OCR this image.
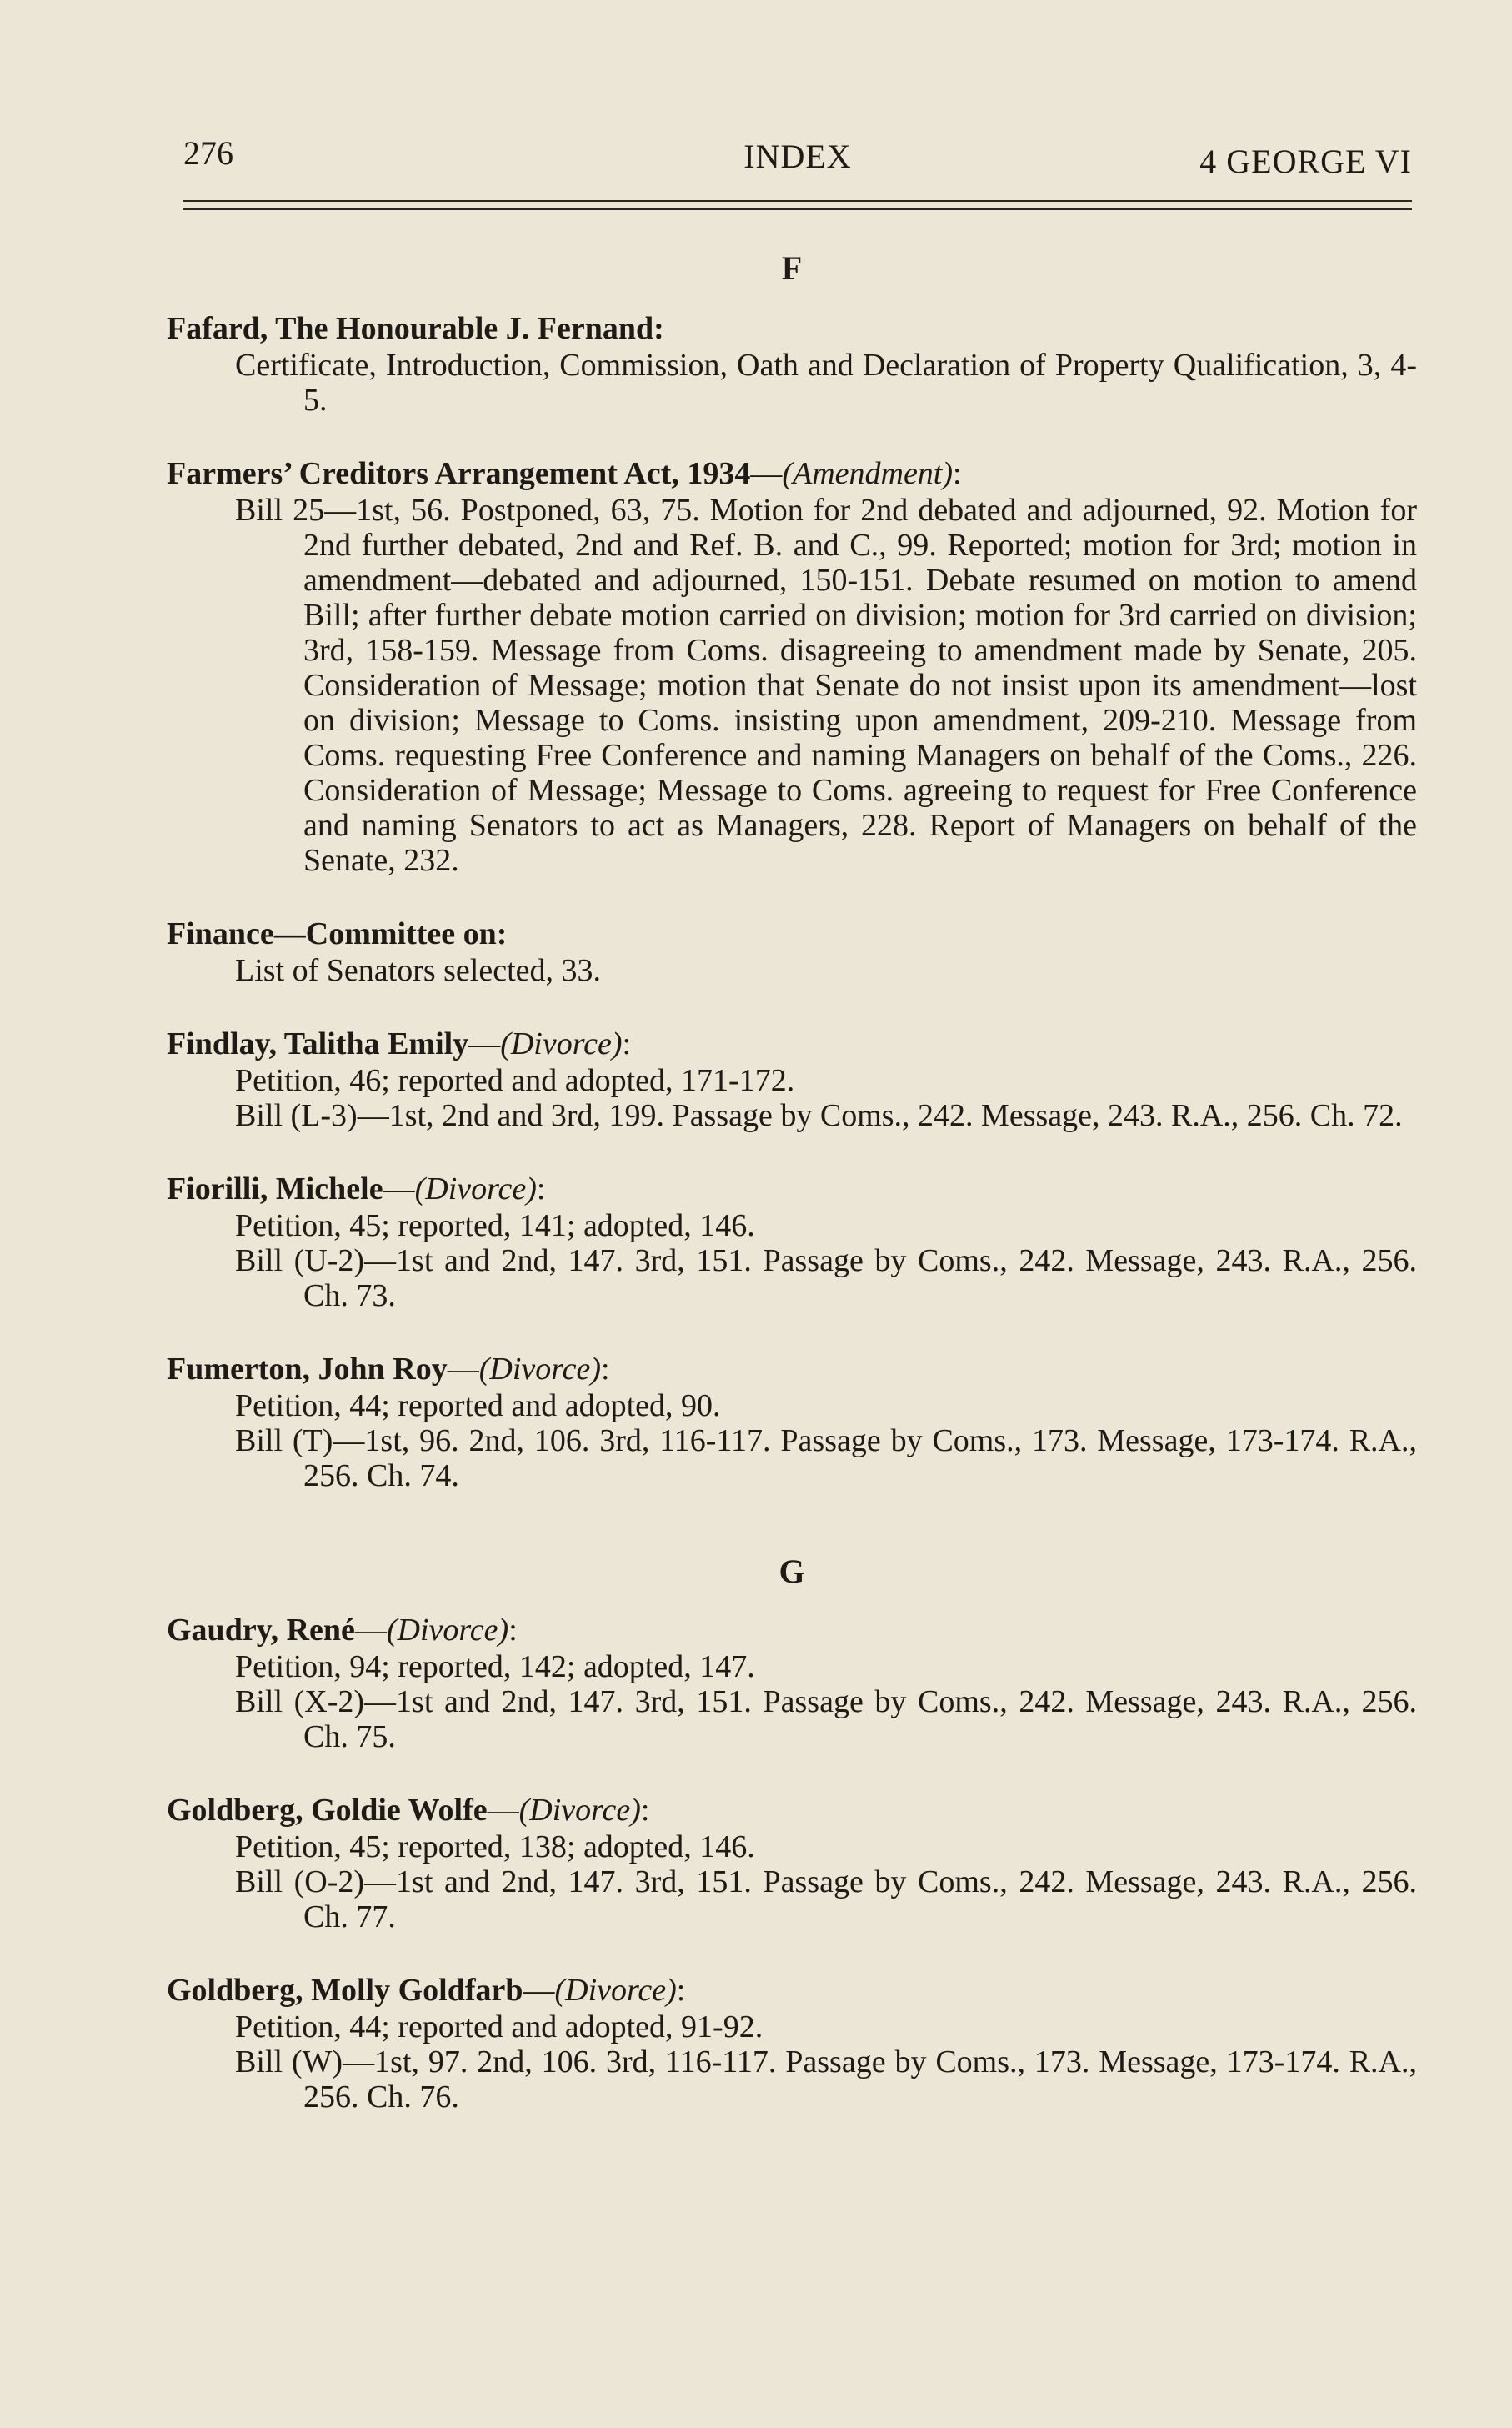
276	INDEX	4 GEORGE VI
F
Fafard, The Honourable J. Fernand:
Certificate, Introduction, Commission, Oath and Declaration of Property Qualification, 3, 4-5.
Farmers’ Creditors Arrangement Act, 1934—(Amendment):
Bill 25—1st, 56. Postponed, 63, 75. Motion for 2nd debated and adjourned, 92. Motion for 2nd further debated, 2nd and Ref. B. and C., 99. Reported; motion for 3rd; motion in amendment—debated and adjourned, 150-151. Debate resumed on motion to amend Bill; after further debate motion carried on division; motion for 3rd carried on division; 3rd, 158-159. Message from Coms. disagreeing to amendment made by Senate, 205. Consideration of Message; motion that Senate do not insist upon its amendment—lost on division; Message to Coms. insisting upon amendment, 209-210. Message from Coms. requesting Free Conference and naming Managers on behalf of the Coms., 226. Consideration of Message; Message to Coms. agreeing to request for Free Conference and naming Senators to act as Managers, 228. Report of Managers on behalf of the Senate, 232.
Finance—Committee on:
List of Senators selected, 33.
Findlay, Talitha Emily—(Divorce):
Petition, 46; reported and adopted, 171-172.
Bill (L-3)—1st, 2nd and 3rd, 199. Passage by Coms., 242. Message, 243. R.A., 256. Ch. 72.
Fiorilli, Michele—(Divorce):
Petition, 45; reported, 141; adopted, 146.
Bill (U-2)—1st and 2nd, 147. 3rd, 151. Passage by Coms., 242. Message, 243. R.A., 256. Ch. 73.
Fumerton, John Roy—(Divorce):
Petition, 44; reported and adopted, 90.
Bill (T)—1st, 96. 2nd, 106. 3rd, 116-117. Passage by Coms., 173. Message, 173-174. R.A., 256. Ch. 74.
G
Gaudry, René—(Divorce):
Petition, 94; reported, 142; adopted, 147.
Bill (X-2)—1st and 2nd, 147. 3rd, 151. Passage by Coms., 242. Message, 243. R.A., 256. Ch. 75.
Goldberg, Goldie Wolfe—(Divorce):
Petition, 45; reported, 138; adopted, 146.
Bill (O-2)—1st and 2nd, 147. 3rd, 151. Passage by Coms., 242. Message, 243. R.A., 256. Ch. 77.
Goldberg, Molly Goldfarb—(Divorce):
Petition, 44; reported and adopted, 91-92.
Bill (W)—1st, 97. 2nd, 106. 3rd, 116-117. Passage by Coms., 173. Message, 173-174. R.A., 256. Ch. 76.
